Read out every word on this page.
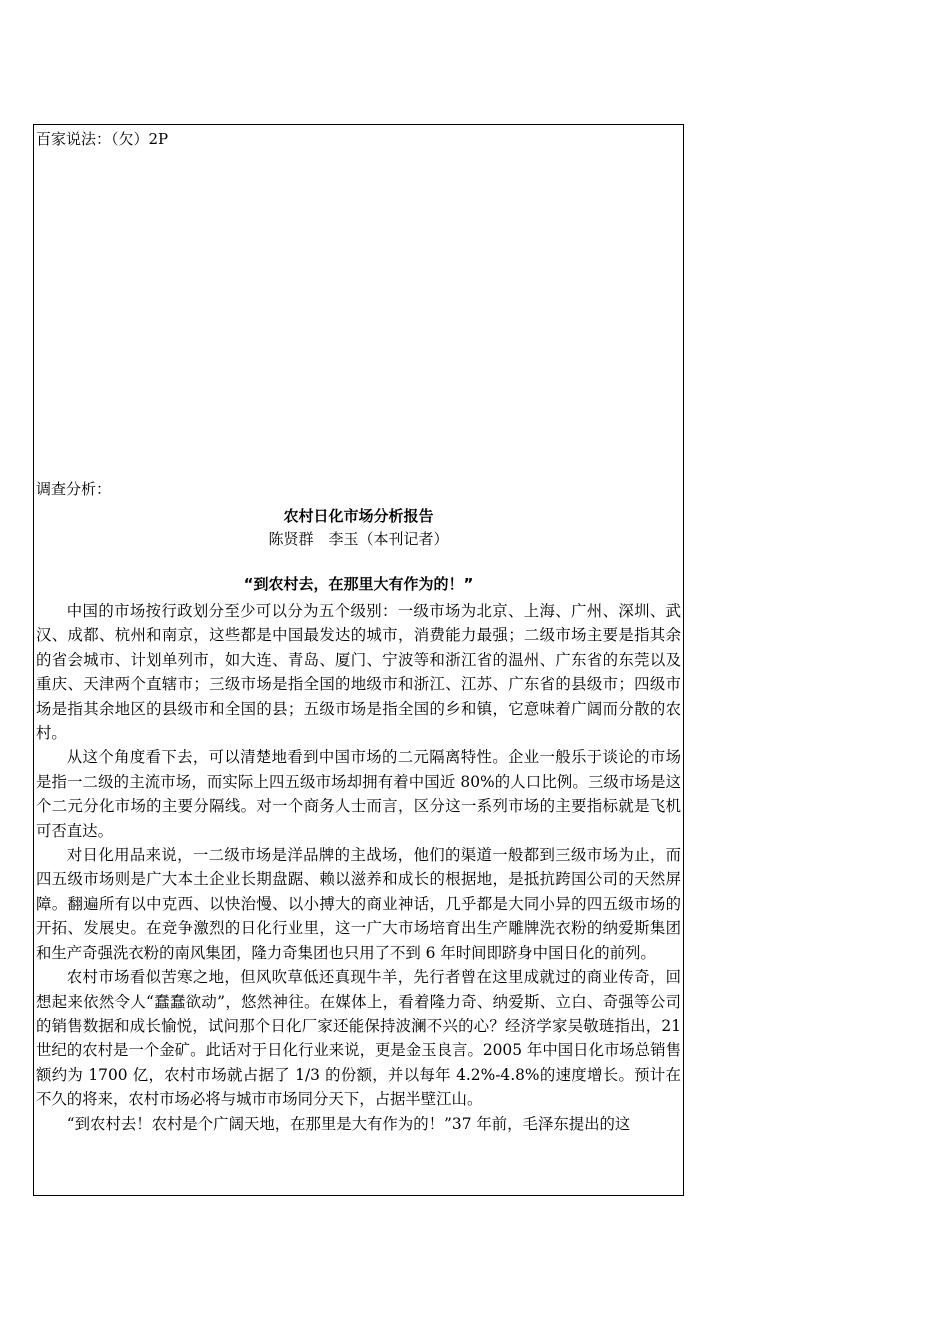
百家说法：（欠）2P
调查分析：
农村日化市场分析报告
陈贤群　李玉（本刊记者）
“到农村去，在那里大有作为的！”

中国的市场按行政划分至少可以分为五个级别：一级市场为北京、上海、广州、深圳、武汉、成都、杭州和南京，这些都是中国最发达的城市，消费能力最强；二级市场主要是指其余的省会城市、计划单列市，如大连、青岛、厦门、宁波等和浙江省的温州、广东省的东莞以及重庆、天津两个直辖市；三级市场是指全国的地级市和浙江、江苏、广东省的县级市；四级市场是指其余地区的县级市和全国的县；五级市场是指全国的乡和镇，它意味着广阔而分散的农村。

从这个角度看下去，可以清楚地看到中国市场的二元隔离特性。企业一般乐于谈论的市场是指一二级的主流市场，而实际上四五级市场却拥有着中国近 80%的人口比例。三级市场是这个二元分化市场的主要分隔线。对一个商务人士而言，区分这一系列市场的主要指标就是飞机可否直达。

对日化用品来说，一二级市场是洋品牌的主战场，他们的渠道一般都到三级市场为止，而四五级市场则是广大本土企业长期盘踞、赖以滋养和成长的根据地，是抵抗跨国公司的天然屏障。翻遍所有以中克西、以快治慢、以小搏大的商业神话，几乎都是大同小异的四五级市场的开拓、发展史。在竞争激烈的日化行业里，这一广大市场培育出生产雕牌洗衣粉的纳爱斯集团和生产奇强洗衣粉的南风集团，隆力奇集团也只用了不到 6 年时间即跻身中国日化的前列。

农村市场看似苦寒之地，但风吹草低还真现牛羊，先行者曾在这里成就过的商业传奇，回想起来依然令人“蠢蠢欲动”，悠然神往。在媒体上，看着隆力奇、纳爱斯、立白、奇强等公司的销售数据和成长愉悦，试问那个日化厂家还能保持波澜不兴的心？经济学家吴敬琏指出，21 世纪的农村是一个金矿。此话对于日化行业来说，更是金玉良言。2005 年中国日化市场总销售额约为 1700 亿，农村市场就占据了 1/3 的份额，并以每年 4.2%-4.8%的速度增长。预计在不久的将来，农村市场必将与城市市场同分天下，占据半壁江山。

“到农村去！农村是个广阔天地，在那里是大有作为的！”37 年前，毛泽东提出的这
